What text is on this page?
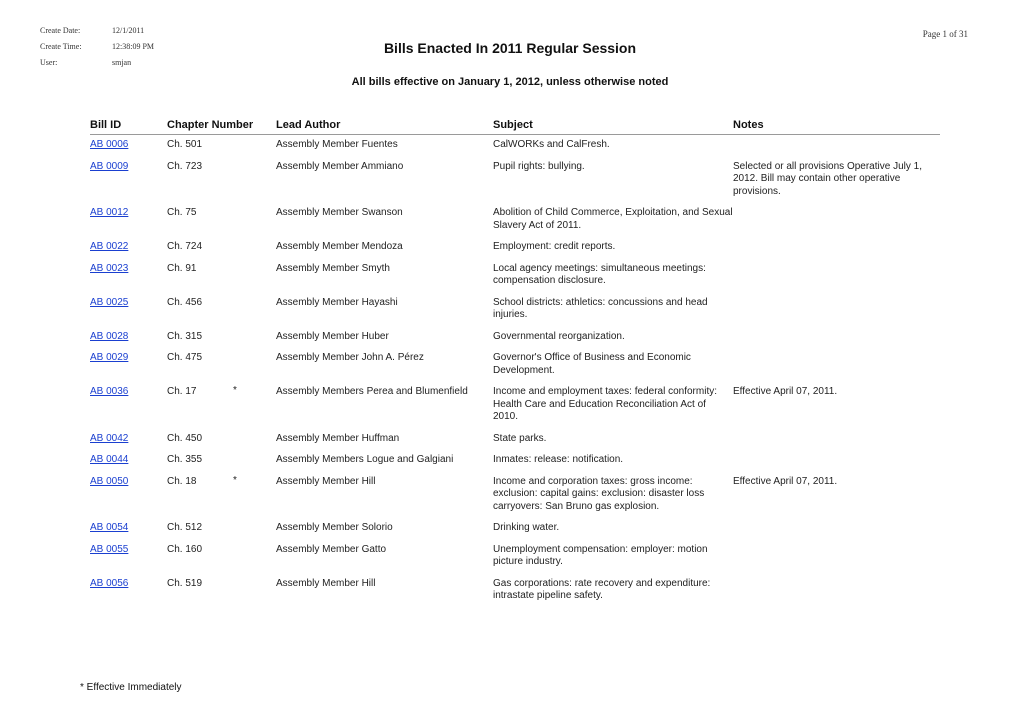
Create Date:	12/1/2011
Create Time:	12:38:09 PM
User:	smjan
Page 1 of 31
Bills Enacted In 2011 Regular Session
All bills effective on January 1, 2012, unless otherwise noted
Bill ID	Chapter Number	Lead Author	Subject	Notes
AB 0006	Ch. 501	Assembly Member Fuentes	CalWORKs and CalFresh.	
AB 0009	Ch. 723	Assembly Member Ammiano	Pupil rights: bullying.	Selected or all provisions Operative July 1, 2012. Bill may contain other operative provisions.
AB 0012	Ch. 75	Assembly Member Swanson	Abolition of Child Commerce, Exploitation, and Sexual Slavery Act of 2011.	
AB 0022	Ch. 724	Assembly Member Mendoza	Employment: credit reports.	
AB 0023	Ch. 91	Assembly Member Smyth	Local agency meetings: simultaneous meetings: compensation disclosure.	
AB 0025	Ch. 456	Assembly Member Hayashi	School districts: athletics: concussions and head injuries.	
AB 0028	Ch. 315	Assembly Member Huber	Governmental reorganization.	
AB 0029	Ch. 475	Assembly Member John A. Pérez	Governor's Office of Business and Economic Development.	
AB 0036	Ch. 17 *	Assembly Members Perea and Blumenfield	Income and employment taxes: federal conformity: Health Care and Education Reconciliation Act of 2010.	Effective April 07, 2011.
AB 0042	Ch. 450	Assembly Member Huffman	State parks.	
AB 0044	Ch. 355	Assembly Members Logue and Galgiani	Inmates: release: notification.	
AB 0050	Ch. 18 *	Assembly Member Hill	Income and corporation taxes: gross income: exclusion: capital gains: exclusion: disaster loss carryovers: San Bruno gas explosion.	Effective April 07, 2011.
AB 0054	Ch. 512	Assembly Member Solorio	Drinking water.	
AB 0055	Ch. 160	Assembly Member Gatto	Unemployment compensation: employer: motion picture industry.	
AB 0056	Ch. 519	Assembly Member Hill	Gas corporations: rate recovery and expenditure: intrastate pipeline safety.	
* Effective Immediately
